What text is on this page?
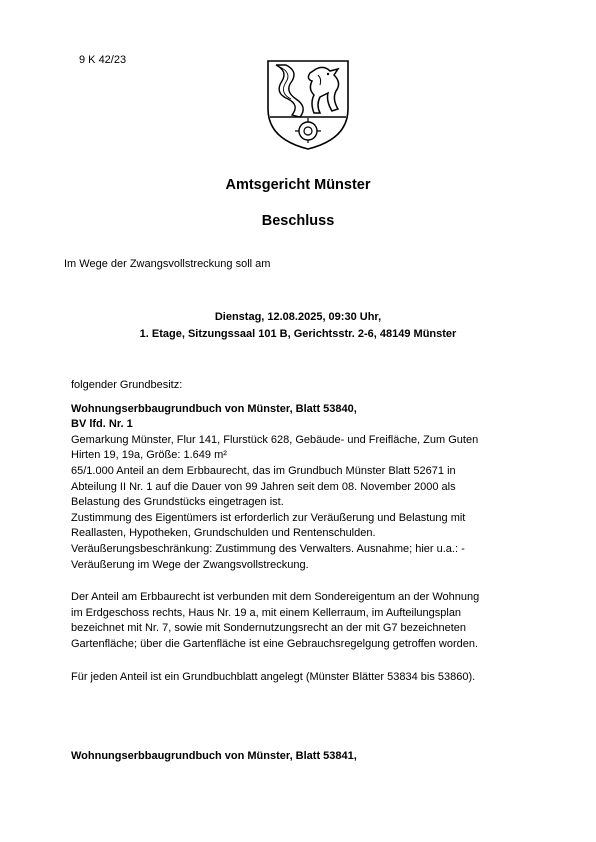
9 K 42/23
Amtsgericht Münster
Beschluss
Im Wege der Zwangsvollstreckung soll am
Dienstag, 12.08.2025, 09:30 Uhr,
1. Etage, Sitzungssaal 101 B, Gerichtsstr. 2-6, 48149 Münster

folgender Grundbesitz:

Wohnungserbbaugrundbuch von Münster, Blatt 53840,

BV lfd. Nr. 1

Gemarkung Münster, Flur 141, Flurstück 628, Gebäude- und Freifläche, Zum Guten

Hirten 19, 19a, Größe: 1.649 m²

65/1.000 Anteil an dem Erbbaurecht, das im Grundbuch Münster Blatt 52671 in

Abteilung II Nr. 1 auf die Dauer von 99 Jahren seit dem 08. November 2000 als

Belastung des Grundstücks eingetragen ist.

Zustimmung des Eigentümers ist erforderlich zur Veräußerung und Belastung mit

Reallasten, Hypotheken, Grundschulden und Rentenschulden.

Veräußerungsbeschränkung: Zustimmung des Verwalters. Ausnahme; hier u.a.: -

Veräußerung im Wege der Zwangsvollstreckung.

Der Anteil am Erbbaurecht ist verbunden mit dem Sondereigentum an der Wohnung

im Erdgeschoss rechts, Haus Nr. 19 a, mit einem Kellerraum, im Aufteilungsplan

bezeichnet mit Nr. 7, sowie mit Sondernutzungsrecht an der mit G7 bezeichneten

Gartenfläche; über die Gartenfläche ist eine Gebrauchsregelgung getroffen worden.

Für jeden Anteil ist ein Grundbuchblatt angelegt (Münster Blätter 53834 bis 53860).

Wohnungserbbaugrundbuch von Münster, Blatt 53841,
